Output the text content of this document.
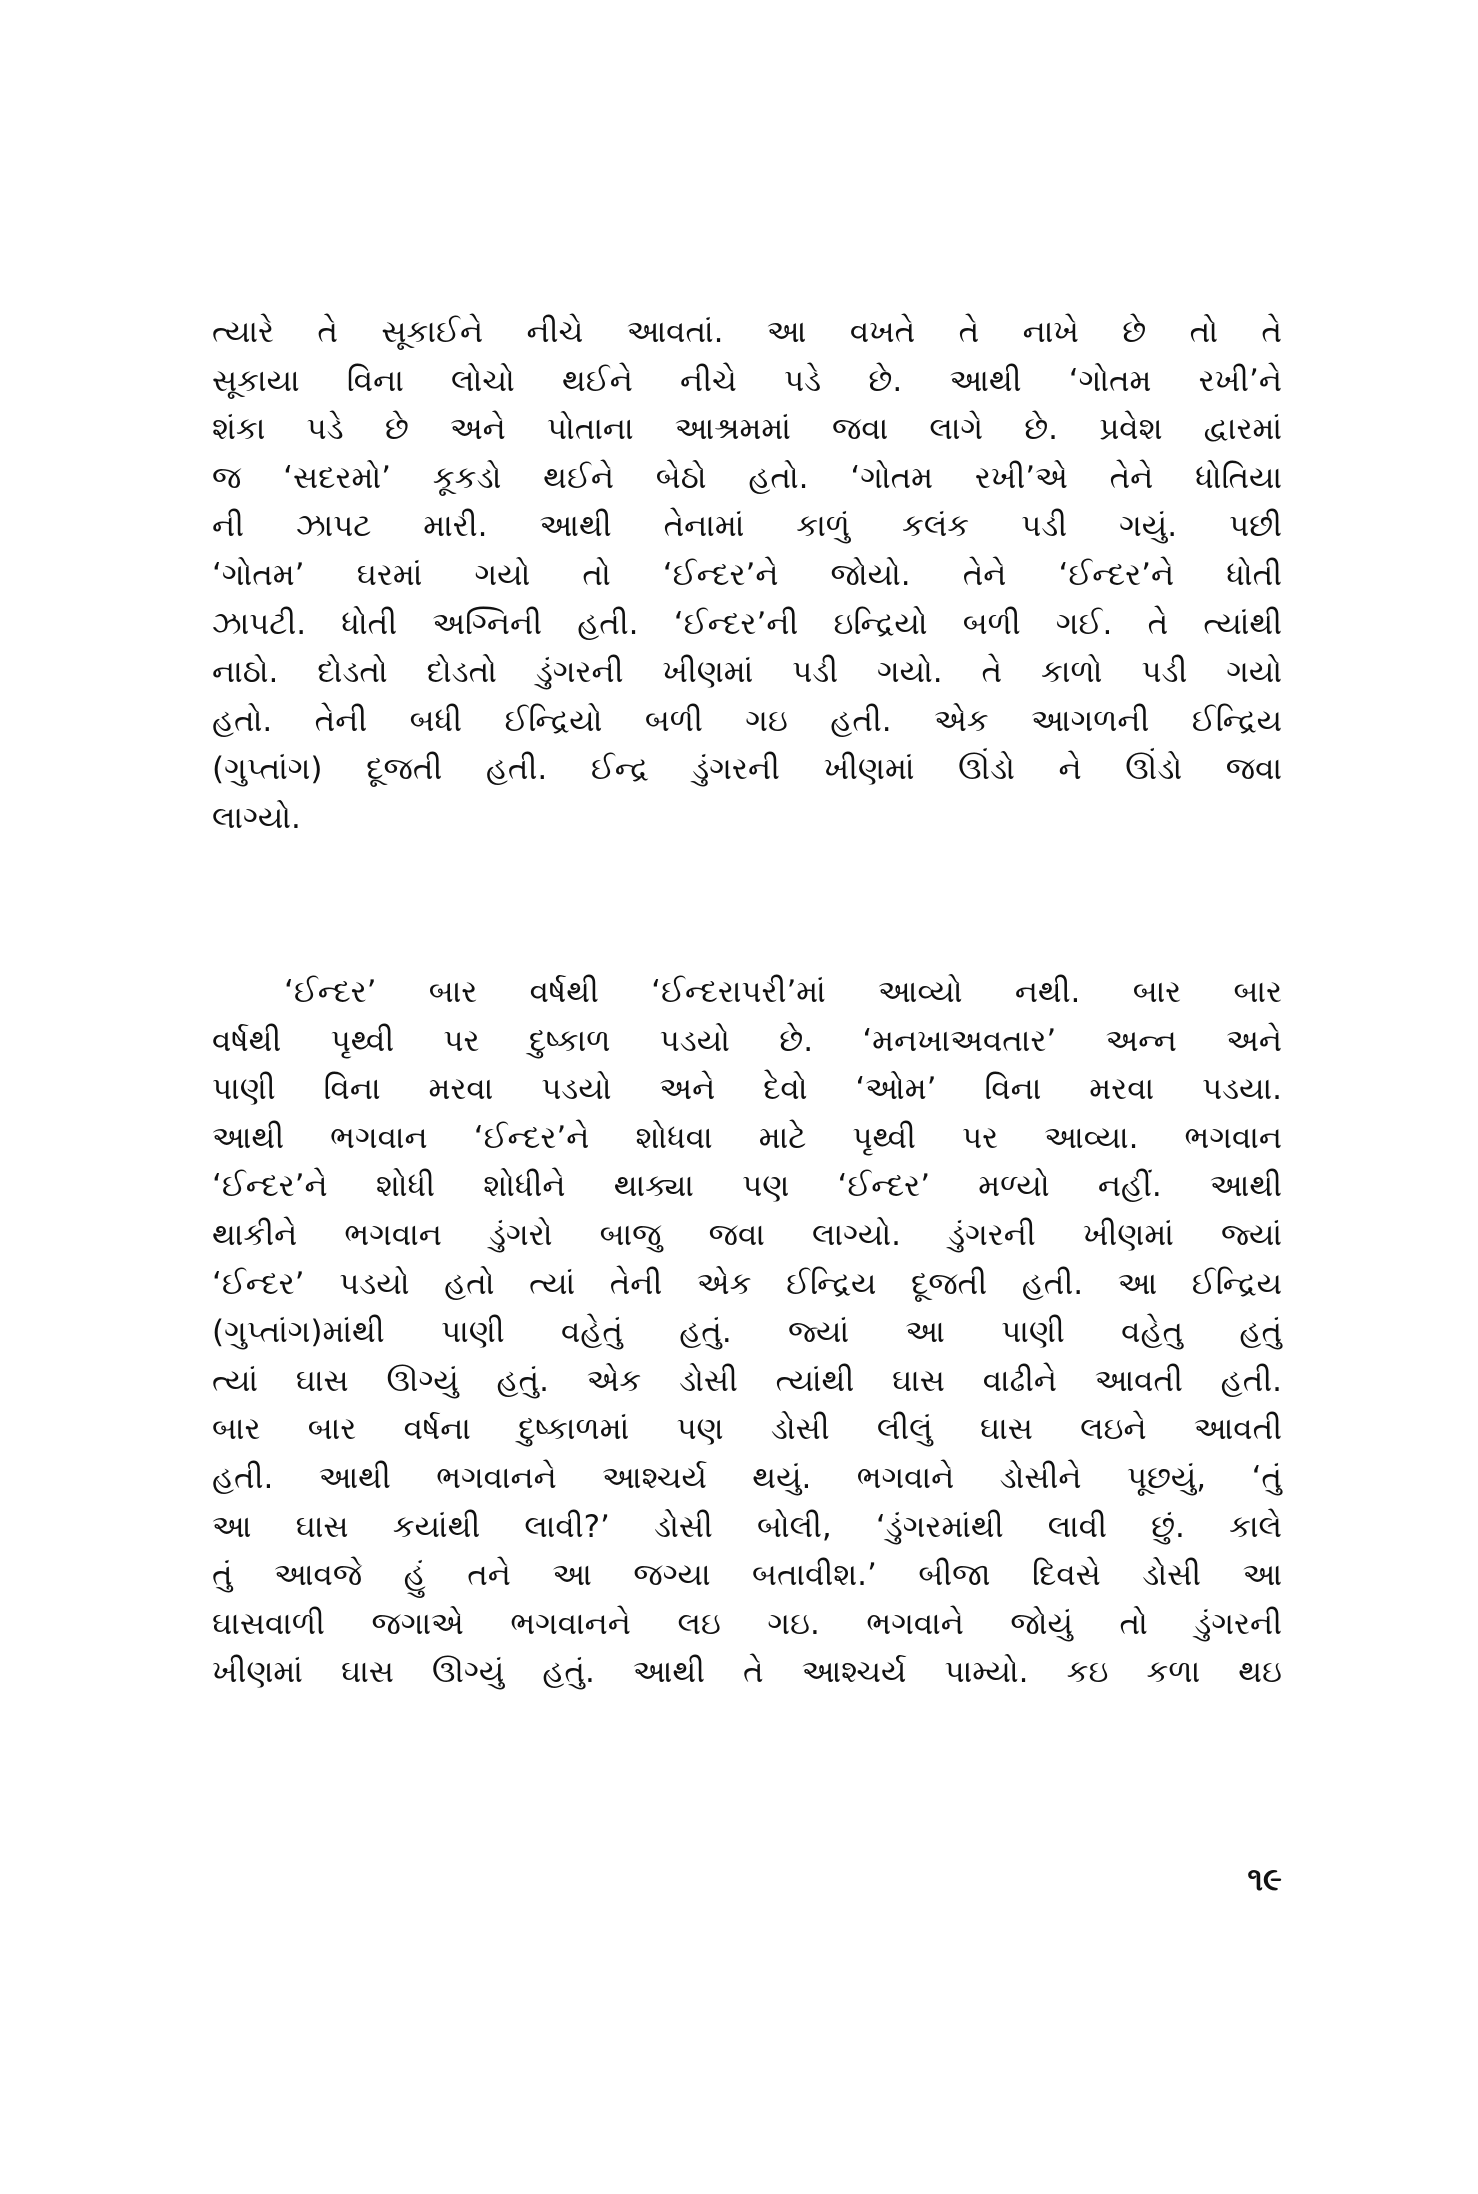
ત્યારે તે સૂકાઈને નીચે આવતાં. આ વખતે તે નાખે છે તો તે
સૂકાયા વિના લોચો થઈને નીચે પડે છે. આથી ‘ગોતમ રખી’ને
શંકા પડે છે અને પોતાના આશ્રમમાં જવા લાગે છે. પ્રવેશ દ્વારમાં
જ ‘સદરમો’ કૂકડો થઈને બેઠો હતો. ‘ગોતમ રખી’એ તેને ધોતિયા
ની ઝાપટ મારી. આથી તેનામાં કાળું કલંક પડી ગયું. પછી
‘ગોતમ’ ઘરમાં ગયો તો ‘ઈન્દર’ને જોયો. તેને ‘ઈન્દર’ને ધોતી
ઝાપટી. ધોતી અગ્નિની હતી. ‘ઈન્દર’ની ઇન્દ્રિયો બળી ગઈ. તે ત્યાંથી
નાઠો. દોડતો દોડતો ડુંગરની ખીણમાં પડી ગયો. તે કાળો પડી ગયો
હતો. તેની બધી ઈન્દ્રિયો બળી ગઇ હતી. એક આગળની ઈન્દ્રિય
(ગુપ્તાંગ) દૂજતી હતી. ઈન્દ્ર ડુંગરની ખીણમાં ઊંડો ને ઊંડો જવા
લાગ્યો.
‘ઈન્દર’ બાર વર્ષથી ‘ઈન્દરાપરી’માં આવ્યો નથી. બાર બાર
વર્ષથી પૃથ્વી પર દુષ્કાળ પડયો છે. ‘મનખાઅવતાર’ અન્ન અને
પાણી વિના મરવા પડયો અને દેવો ‘ઓમ’ વિના મરવા પડયા.
આથી ભગવાન ‘ઈન્દર’ને શોધવા માટે પૃથ્વી પર આવ્યા. ભગવાન
‘ઈન્દર’ને શોધી શોધીને થાક્યા પણ ‘ઈન્દર’ મળ્યો નહીં. આથી
થાકીને ભગવાન ડુંગરો બાજુ જવા લાગ્યો. ડુંગરની ખીણમાં જ્યાં
‘ઈન્દર’ પડયો હતો ત્યાં તેની એક ઈન્દ્રિય દૂજતી હતી. આ ઈન્દ્રિય
(ગુપ્તાંગ)માંથી પાણી વહેતું હતું. જ્યાં આ પાણી વહેતુ હતું
ત્યાં ઘાસ ઊગ્યું હતું. એક ડોસી ત્યાંથી ઘાસ વાઢીને આવતી હતી.
બાર બાર વર્ષના દુષ્કાળમાં પણ ડોસી લીલું ઘાસ લઇને આવતી
હતી. આથી ભગવાનને આશ્ચર્ય થયું. ભગવાને ડોસીને પૂછયું, ‘તું
આ ઘાસ કયાંથી લાવી?’ ડોસી બોલી, ‘ડુંગરમાંથી લાવી છું. કાલે
તું આવજે હું તને આ જગ્યા બતાવીશ.’ બીજા દિવસે ડોસી આ
ઘાસવાળી જગાએ ભગવાનને લઇ ગઇ. ભગવાને જોયું તો ડુંગરની
ખીણમાં ઘાસ ઊગ્યું હતું. આથી તે આશ્ચર્ય પામ્યો. કઇ કળા થઇ
૧૯
